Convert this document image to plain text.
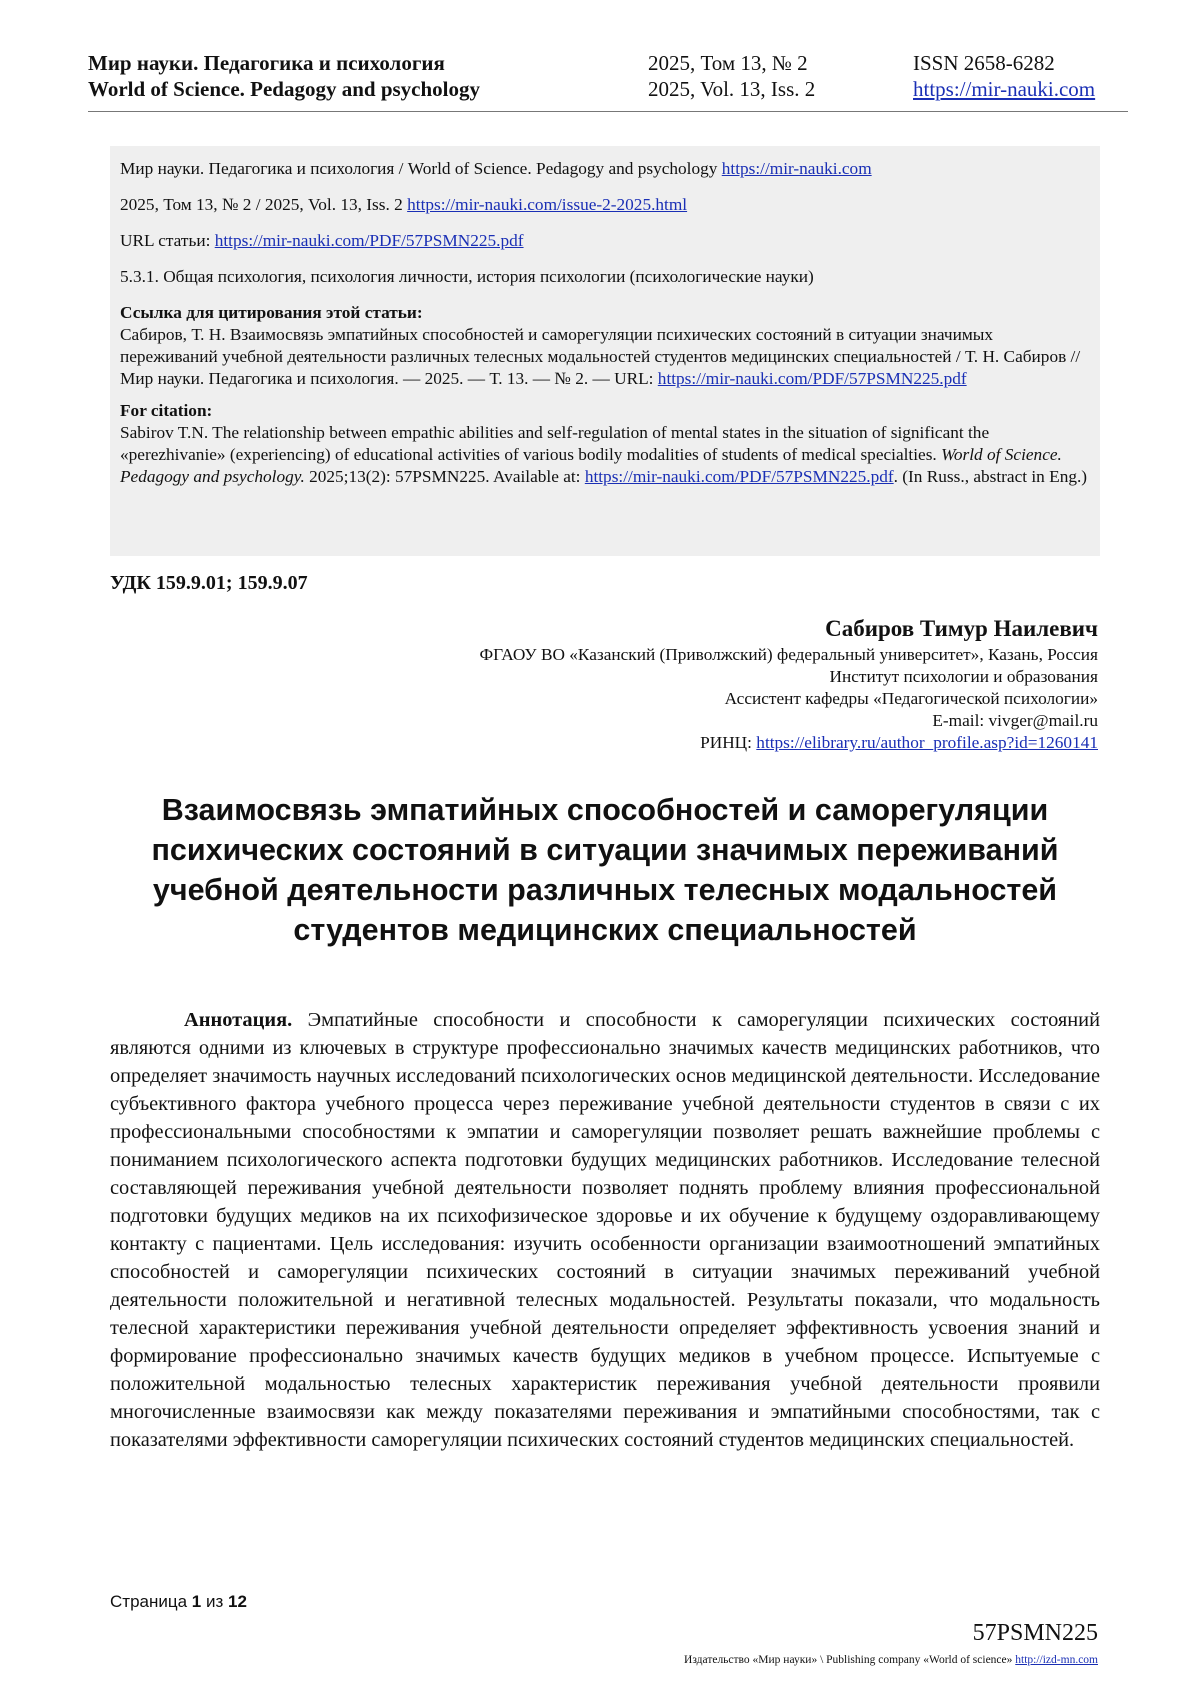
Мир науки. Педагогика и психология
World of Science. Pedagogy and psychology
2025, Том 13, № 2
2025, Vol. 13, Iss. 2
ISSN 2658-6282
https://mir-nauki.com

Мир науки. Педагогика и психология / World of Science. Pedagogy and psychology https://mir-nauki.com

2025, Том 13, № 2 / 2025, Vol. 13, Iss. 2 https://mir-nauki.com/issue-2-2025.html

URL статьи: https://mir-nauki.com/PDF/57PSMN225.pdf

5.3.1. Общая психология, психология личности, история психологии (психологические науки)

Ссылка для цитирования этой статьи:
Сабиров, Т. Н. Взаимосвязь эмпатийных способностей и саморегуляции психических состояний в ситуации значимых переживаний учебной деятельности различных телесных модальностей студентов медицинских специальностей / Т. Н. Сабиров // Мир науки. Педагогика и психология. — 2025. — Т. 13. — № 2. — URL: https://mir-nauki.com/PDF/57PSMN225.pdf

For citation:
Sabirov T.N. The relationship between empathic abilities and self-regulation of mental states in the situation of significant the «perezhivanie» (experiencing) of educational activities of various bodily modalities of students of medical specialties. World of Science. Pedagogy and psychology. 2025;13(2): 57PSMN225. Available at: https://mir-nauki.com/PDF/57PSMN225.pdf. (In Russ., abstract in Eng.)

УДК 159.9.01; 159.9.07
Сабиров Тимур Наилевич
ФГАОУ ВО «Казанский (Приволжский) федеральный университет», Казань, Россия
Институт психологии и образования
Ассистент кафедры «Педагогической психологии»
E-mail: vivger@mail.ru
РИНЦ: https://elibrary.ru/author_profile.asp?id=1260141
Взаимосвязь эмпатийных способностей и саморегуляции психических состояний в ситуации значимых переживаний учебной деятельности различных телесных модальностей студентов медицинских специальностей
Аннотация. Эмпатийные способности и способности к саморегуляции психических состояний являются одними из ключевых в структуре профессионально значимых качеств медицинских работников, что определяет значимость научных исследований психологических основ медицинской деятельности. Исследование субъективного фактора учебного процесса через переживание учебной деятельности студентов в связи с их профессиональными способностями к эмпатии и саморегуляции позволяет решать важнейшие проблемы с пониманием психологического аспекта подготовки будущих медицинских работников. Исследование телесной составляющей переживания учебной деятельности позволяет поднять проблему влияния профессиональной подготовки будущих медиков на их психофизическое здоровье и их обучение к будущему оздоравливающему контакту с пациентами. Цель исследования: изучить особенности организации взаимоотношений эмпатийных способностей и саморегуляции психических состояний в ситуации значимых переживаний учебной деятельности положительной и негативной телесных модальностей. Результаты показали, что модальность телесной характеристики переживания учебной деятельности определяет эффективность усвоения знаний и формирование профессионально значимых качеств будущих медиков в учебном процессе. Испытуемые с положительной модальностью телесных характеристик переживания учебной деятельности проявили многочисленные взаимосвязи как между показателями переживания и эмпатийными способностями, так с показателями эффективности саморегуляции психических состояний студентов медицинских специальностей.
Страница 1 из 12
57PSMN225
Издательство «Мир науки» \ Publishing company «World of science» http://izd-mn.com
